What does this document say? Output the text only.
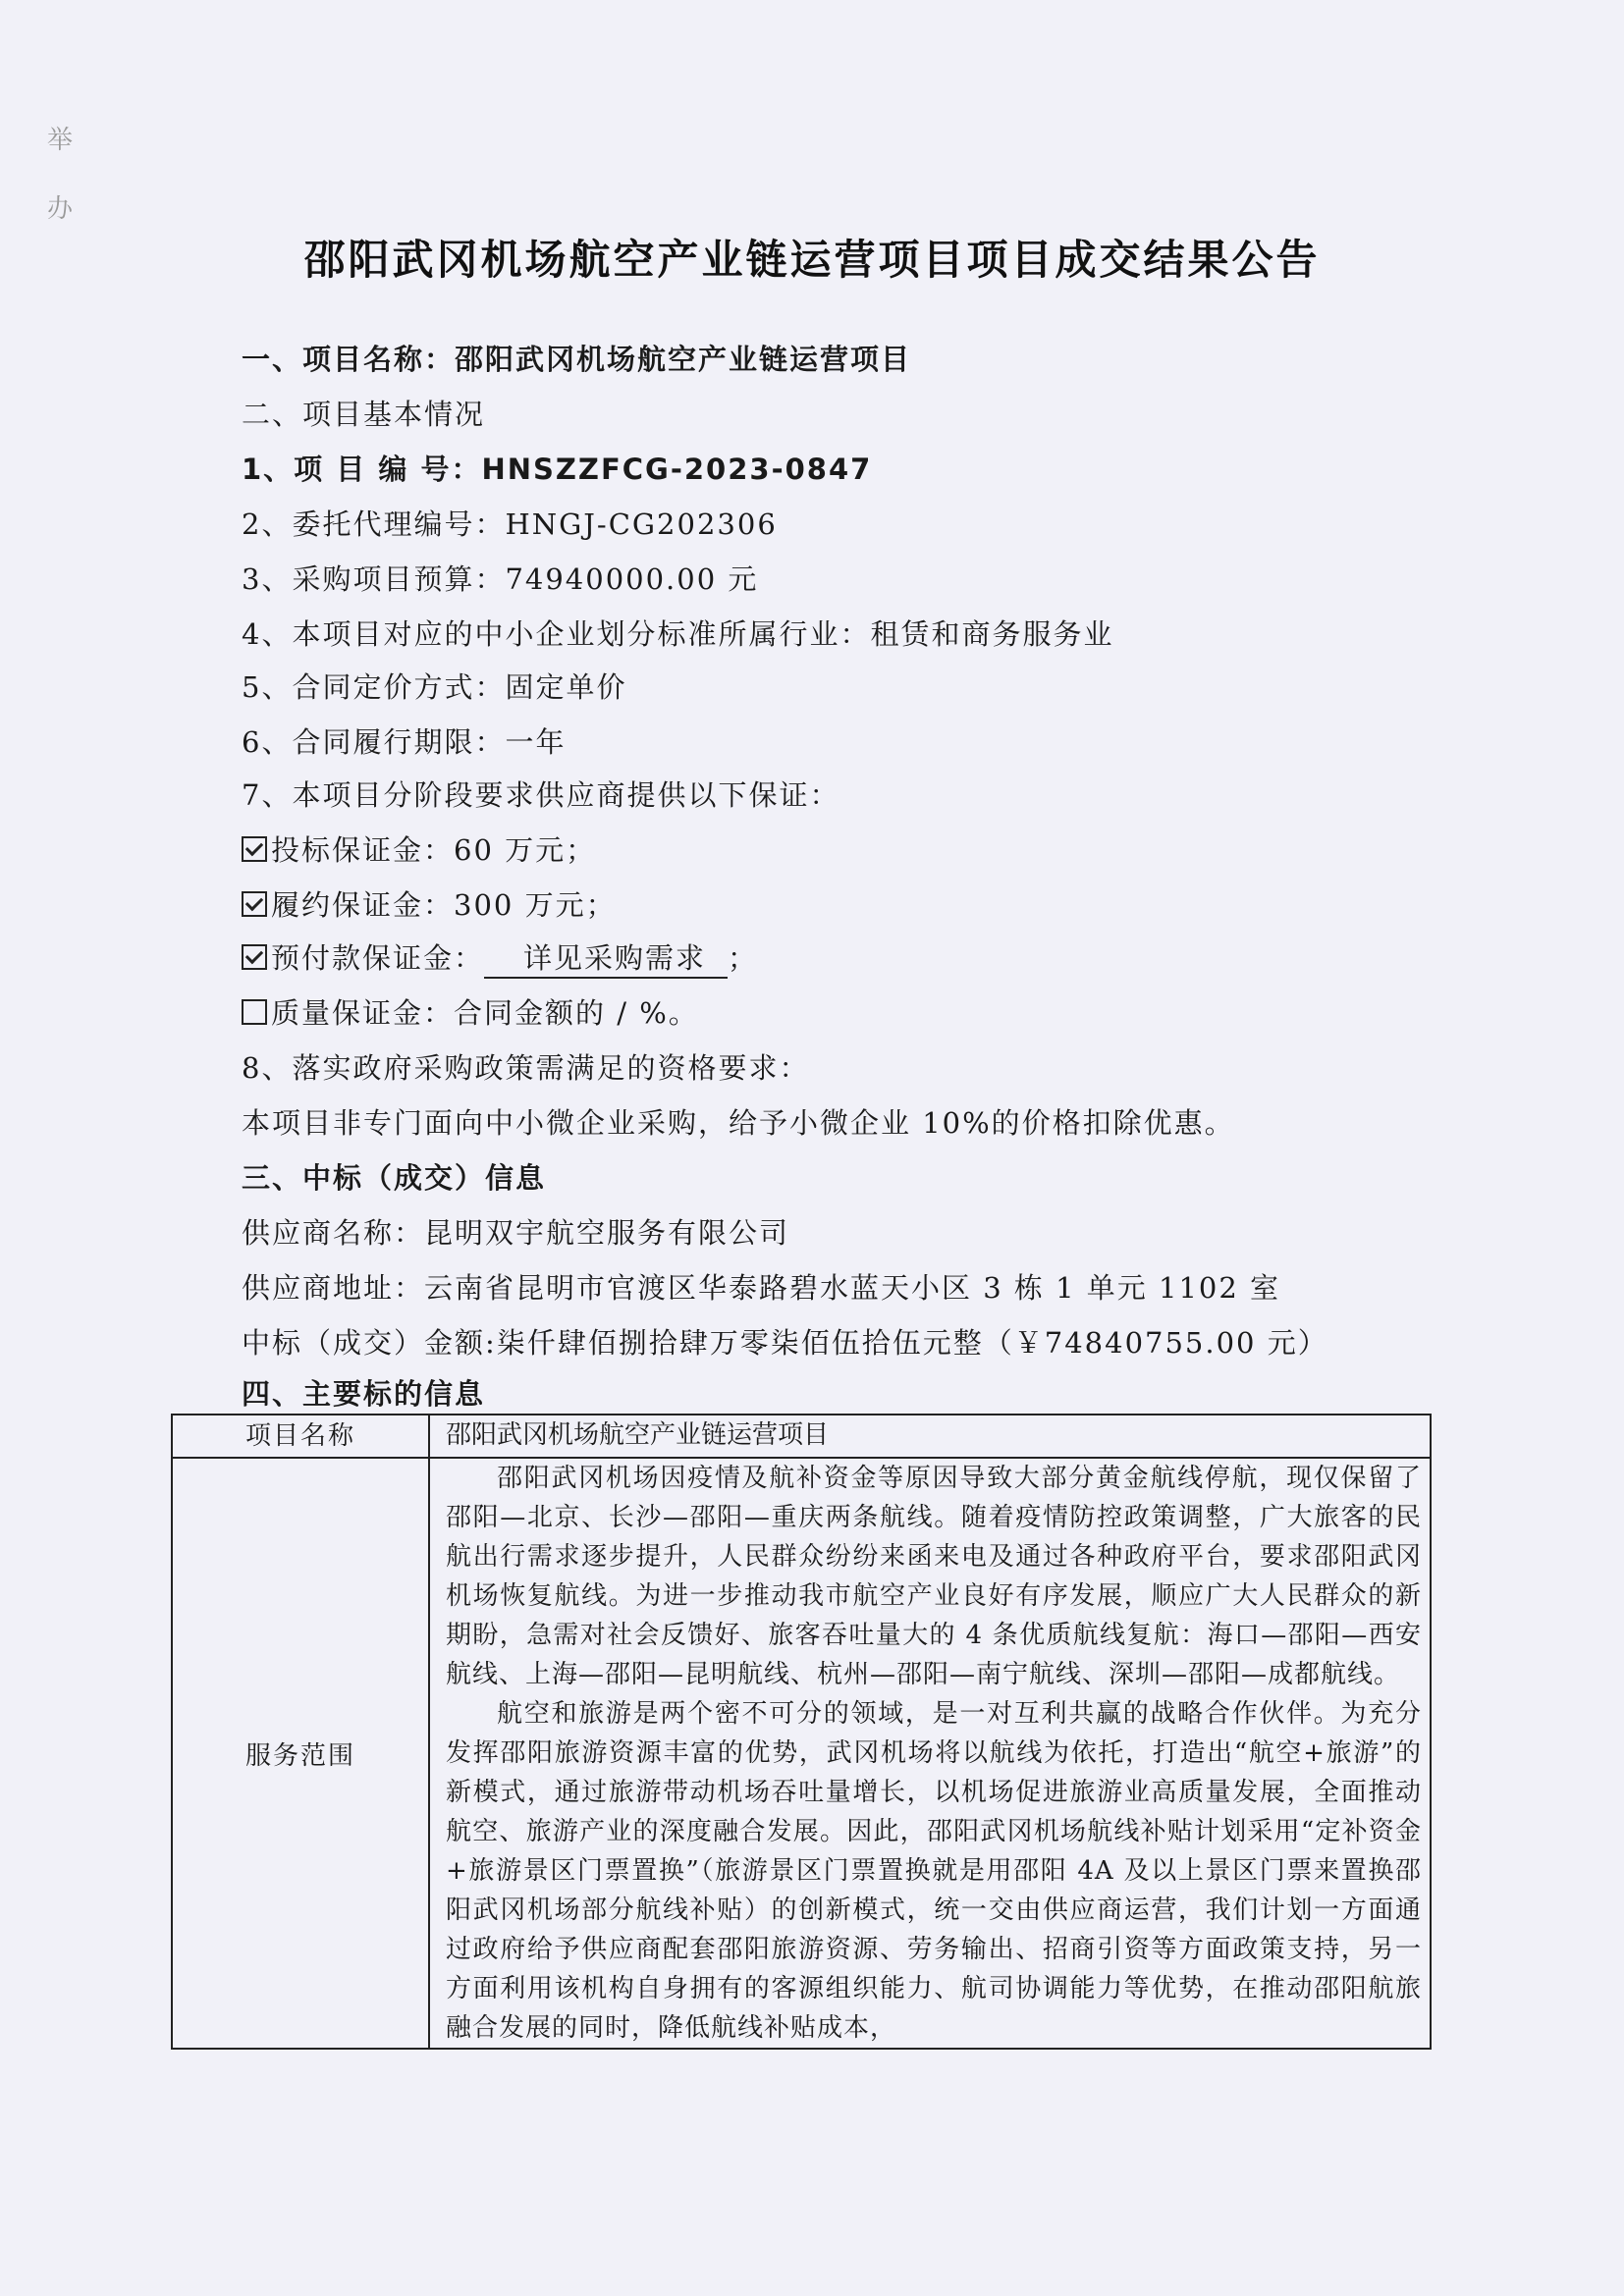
举 办
邵阳武冈机场航空产业链运营项目项目成交结果公告
一、项目名称：邵阳武冈机场航空产业链运营项目
二、项目基本情况
1、项 目 编 号：HNSZZFCG-2023-0847
2、委托代理编号：HNGJ-CG202306
3、采购项目预算：74940000.00 元
4、本项目对应的中小企业划分标准所属行业：租赁和商务服务业
5、合同定价方式：固定单价
6、合同履行期限：一年
7、本项目分阶段要求供应商提供以下保证：
投标保证金：60 万元；
履约保证金：300 万元；
预付款保证金： 详见采购需求 ；
质量保证金：合同金额的 / %。
8、落实政府采购政策需满足的资格要求：
本项目非专门面向中小微企业采购，给予小微企业 10%的价格扣除优惠。
三、中标（成交）信息
供应商名称：昆明双宇航空服务有限公司
供应商地址：云南省昆明市官渡区华泰路碧水蓝天小区 3 栋 1 单元 1102 室
中标（成交）金额:柒仟肆佰捌拾肆万零柒佰伍拾伍元整（￥74840755.00 元）
四、主要标的信息
项目名称	邵阳武冈机场航空产业链运营项目
服务范围	邵阳武冈机场因疫情及航补资金等原因导致大部分黄金航线停航，现仅保留了邵阳—北京、长沙—邵阳—重庆两条航线。随着疫情防控政策调整，广大旅客的民航出行需求逐步提升，人民群众纷纷来函来电及通过各种政府平台，要求邵阳武冈机场恢复航线。为进一步推动我市航空产业良好有序发展，顺应广大人民群众的新期盼，急需对社会反馈好、旅客吞吐量大的 4 条优质航线复航：海口—邵阳—西安航线、上海—邵阳—昆明航线、杭州—邵阳—南宁航线、深圳—邵阳—成都航线。

航空和旅游是两个密不可分的领域，是一对互利共赢的战略合作伙伴。为充分发挥邵阳旅游资源丰富的优势，武冈机场将以航线为依托，打造出“航空+旅游”的新模式，通过旅游带动机场吞吐量增长，以机场促进旅游业高质量发展，全面推动航空、旅游产业的深度融合发展。因此，邵阳武冈机场航线补贴计划采用“定补资金+旅游景区门票置换”（旅游景区门票置换就是用邵阳 4A 及以上景区门票来置换邵阳武冈机场部分航线补贴）的创新模式，统一交由供应商运营，我们计划一方面通过政府给予供应商配套邵阳旅游资源、劳务输出、招商引资等方面政策支持，另一方面利用该机构自身拥有的客源组织能力、航司协调能力等优势，在推动邵阳航旅融合发展的同时，降低航线补贴成本，
